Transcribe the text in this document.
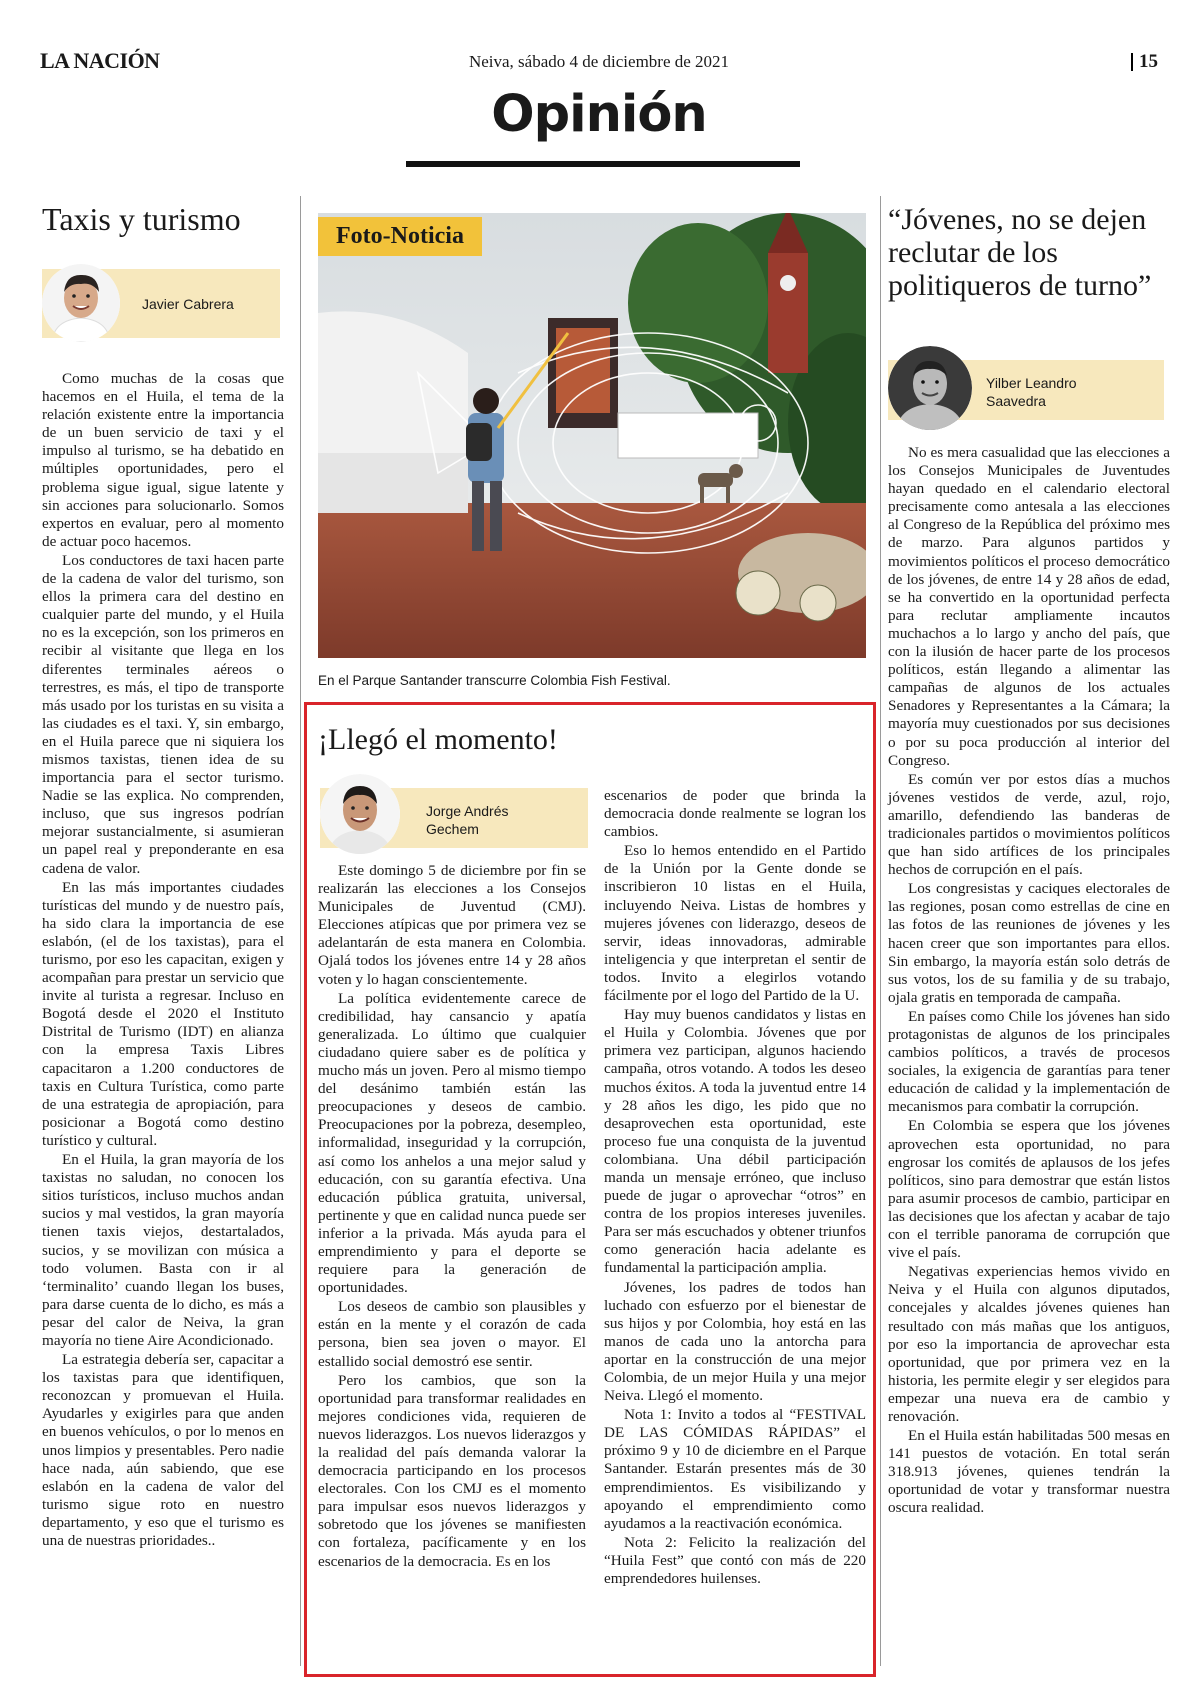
LA NACIÓN	Neiva, sábado 4 de diciembre de 2021	15
Opinión
Taxis y turismo
Javier Cabrera

Como muchas de la cosas que hacemos en el Huila, el tema de la relación existente entre la importancia de un buen servicio de taxi y el impulso al turismo, se ha debatido en múltiples oportunidades, pero el problema sigue igual, sigue latente y sin acciones para solucionarlo. Somos expertos en evaluar, pero al momento de actuar poco hacemos.

Los conductores de taxi hacen parte de la cadena de valor del turismo, son ellos la primera cara del destino en cualquier parte del mundo, y el Huila no es la excepción, son los primeros en recibir al visitante que llega en los diferentes terminales aéreos o terrestres, es más, el tipo de transporte más usado por los turistas en su visita a las ciudades es el taxi. Y, sin embargo, en el Huila parece que ni siquiera los mismos taxistas, tienen idea de su importancia para el sector turismo. Nadie se las explica. No comprenden, incluso, que sus ingresos podrían mejorar sustancialmente, si asumieran un papel real y preponderante en esa cadena de valor.

En las más importantes ciudades turísticas del mundo y de nuestro país, ha sido clara la importancia de ese eslabón, (el de los taxistas), para el turismo, por eso les capacitan, exigen y acompañan para prestar un servicio que invite al turista a regresar. Incluso en Bogotá desde el 2020 el Instituto Distrital de Turismo (IDT) en alianza con la empresa Taxis Libres capacitaron a 1.200 conductores de taxis en Cultura Turística, como parte de una estrategia de apropiación, para posicionar a Bogotá como destino turístico y cultural.

En el Huila, la gran mayoría de los taxistas no saludan, no conocen los sitios turísticos, incluso muchos andan sucios y mal vestidos, la gran mayoría tienen taxis viejos, destartalados, sucios, y se movilizan con música a todo volumen. Basta con ir al ‘terminalito’ cuando llegan los buses, para darse cuenta de lo dicho, es más a pesar del calor de Neiva, la gran mayoría no tiene Aire Acondicionado.

La estrategia debería ser, capacitar a los taxistas para que identifiquen, reconozcan y promuevan el Huila. Ayudarles y exigirles para que anden en buenos vehículos, o por lo menos en unos limpios y presentables. Pero nadie hace nada, aún sabiendo, que ese eslabón en la cadena de valor del turismo sigue roto en nuestro departamento, y eso que el turismo es una de nuestras prioridades..

Foto-Noticia
En el Parque Santander transcurre Colombia Fish Festival.
¡Llegó el momento!
Jorge Andrés
Gechem

Este domingo 5 de diciembre por fin se realizarán las elecciones a los Consejos Municipales de Juventud (CMJ). Elecciones atípicas que por primera vez se adelantarán de esta manera en Colombia. Ojalá todos los jóvenes entre 14 y 28 años voten y lo hagan conscientemente.

La política evidentemente carece de credibilidad, hay cansancio y apatía generalizada. Lo último que cualquier ciudadano quiere saber es de política y mucho más un joven. Pero al mismo tiempo del desánimo también están las preocupaciones y deseos de cambio. Preocupaciones por la pobreza, desempleo, informalidad, inseguridad y la corrupción, así como los anhelos a una mejor salud y educación, con su garantía efectiva. Una educación pública gratuita, universal, pertinente y que en calidad nunca puede ser inferior a la privada. Más ayuda para el emprendimiento y para el deporte se requiere para la generación de oportunidades.

Los deseos de cambio son plausibles y están en la mente y el corazón de cada persona, bien sea joven o mayor. El estallido social demostró ese sentir.

Pero los cambios, que son la oportunidad para transformar realidades en mejores condiciones vida, requieren de nuevos liderazgos. Los nuevos liderazgos y la realidad del país demanda valorar la democracia participando en los procesos electorales. Con los CMJ es el momento para impulsar esos nuevos liderazgos y sobretodo que los jóvenes se manifiesten con fortaleza, pacíficamente y en los escenarios de la democracia. Es en los

escenarios de poder que brinda la democracia donde realmente se logran los cambios.

Eso lo hemos entendido en el Partido de la Unión por la Gente donde se inscribieron 10 listas en el Huila, incluyendo Neiva. Listas de hombres y mujeres jóvenes con liderazgo, deseos de servir, ideas innovadoras, admirable inteligencia y que interpretan el sentir de todos. Invito a elegirlos votando fácilmente por el logo del Partido de la U.

Hay muy buenos candidatos y listas en el Huila y Colombia. Jóvenes que por primera vez participan, algunos haciendo campaña, otros votando. A todos les deseo muchos éxitos. A toda la juventud entre 14 y 28 años les digo, les pido que no desaprovechen esta oportunidad, este proceso fue una conquista de la juventud colombiana. Una débil participación manda un mensaje erróneo, que incluso puede de jugar o aprovechar “otros” en contra de los propios intereses juveniles. Para ser más escuchados y obtener triunfos como generación hacia adelante es fundamental la participación amplia.

Jóvenes, los padres de todos han luchado con esfuerzo por el bienestar de sus hijos y por Colombia, hoy está en las manos de cada uno la antorcha para aportar en la construcción de una mejor Colombia, de un mejor Huila y una mejor Neiva. Llegó el momento.

Nota 1: Invito a todos al “FESTIVAL DE LAS CÓMIDAS RÁPIDAS” el próximo 9 y 10 de diciembre en el Parque Santander. Estarán presentes más de 30 emprendimientos. Es visibilizando y apoyando el emprendimiento como ayudamos a la reactivación económica.

Nota 2: Felicito la realización del “Huila Fest” que contó con más de 220 emprendedores huilenses.

“Jóvenes, no se dejen reclutar de los politiqueros de turno”
Yilber Leandro
Saavedra

No es mera casualidad que las elecciones a los Consejos Municipales de Juventudes hayan quedado en el calendario electoral precisamente como antesala a las elecciones al Congreso de la República del próximo mes de marzo. Para algunos partidos y movimientos políticos el proceso democrático de los jóvenes, de entre 14 y 28 años de edad, se ha convertido en la oportunidad perfecta para reclutar ampliamente incautos muchachos a lo largo y ancho del país, que con la ilusión de hacer parte de los procesos políticos, están llegando a alimentar las campañas de algunos de los actuales Senadores y Representantes a la Cámara; la mayoría muy cuestionados por sus decisiones o por su poca producción al interior del Congreso.

Es común ver por estos días a muchos jóvenes vestidos de verde, azul, rojo, amarillo, defendiendo las banderas de tradicionales partidos o movimientos políticos que han sido artífices de los principales hechos de corrupción en el país.

Los congresistas y caciques electorales de las regiones, posan como estrellas de cine en las fotos de las reuniones de jóvenes y les hacen creer que son importantes para ellos. Sin embargo, la mayoría están solo detrás de sus votos, los de su familia y de su trabajo, ojala gratis en temporada de campaña.

En países como Chile los jóvenes han sido protagonistas de algunos de los principales cambios políticos, a través de procesos sociales, la exigencia de garantías para tener educación de calidad y la implementación de mecanismos para combatir la corrupción.

En Colombia se espera que los jóvenes aprovechen esta oportunidad, no para engrosar los comités de aplausos de los jefes políticos, sino para demostrar que están listos para asumir procesos de cambio, participar en las decisiones que los afectan y acabar de tajo con el terrible panorama de corrupción que vive el país.

Negativas experiencias hemos vivido en Neiva y el Huila con algunos diputados, concejales y alcaldes jóvenes quienes han resultado con más mañas que los antiguos, por eso la importancia de aprovechar esta oportunidad, que por primera vez en la historia, les permite elegir y ser elegidos para empezar una nueva era de cambio y renovación.

En el Huila están habilitadas 500 mesas en 141 puestos de votación. En total serán 318.913 jóvenes, quienes tendrán la oportunidad de votar y transformar nuestra oscura realidad.
